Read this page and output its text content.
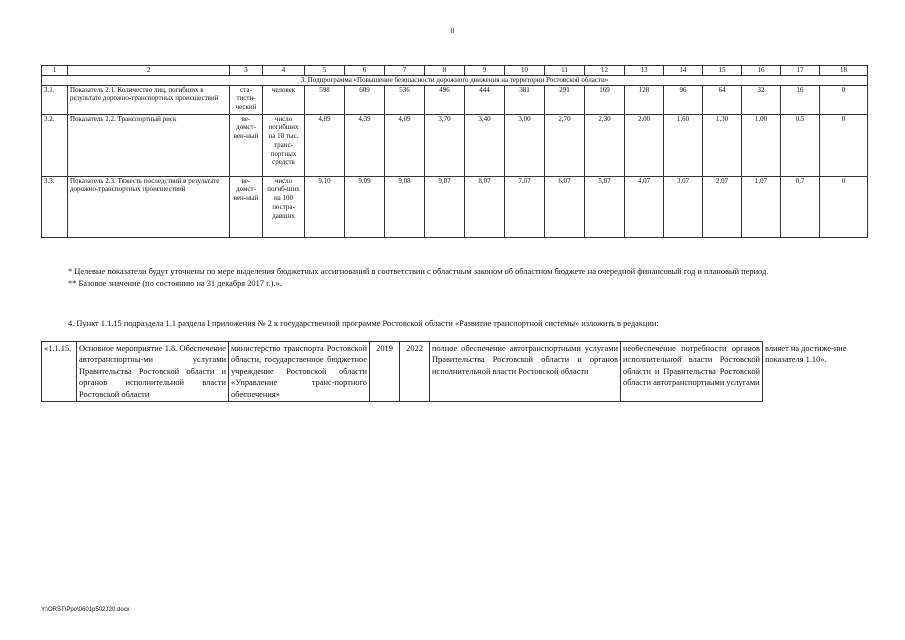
8
1	2	3	4	5	6	7	8	9	10	11	12	13	14	15	16	17	18
3. Подпрограмма «Повышение безопасности дорожного движения на территории Ростовской области»																	
3.1.	Показатель 2.1. Количество лиц, погибших в результате дорожно-транспортных происшествий	ста-тисти-ческий	человек	598	609	536	496	444	381	291	169	128	96	64	32	16	0
3.2.	Показатель 2.2. Транспортный риск	ве-домст-вен-ный	число погибших на 10 тыс. транс-портных средств	4,89	4,39	4,09	3,70	3,40	3,00	2,70	2,30	2,00	1,60	1,30	1,00	0,5	0
3.3.	Показатель 2.3. Тяжесть последствий в результате дорожно-транспортных происшествий	ве-домст-вен-ный	число погиб-ших на 100 постра-давших	9,10	9,09	9,08	9,07	8,07	7,07	6,07	5,07	4,07	3,07	2,07	1,07	0,7	0

* Целевые показатели будут уточнены по мере выделения бюджетных ассигнований в соответствии с областным законом об областном бюджете на очередной финансовый год и плановый период.

** Базовое значение (по состоянию на 31 декабря 2017 г.).».

4. Пункт 1.1.15 подраздела 1.1 раздела I приложения № 2 к государственной программе Ростовской области «Развитие транспортной системы» изложить в редакции:
«1.1.15.	Основное мероприятие 1.8. Обеспечение автотранспортны-ми услугами Правительства Ростовской области и органов исполнительной власти Ростовской области	министерство транспорта Ростовской области, государственное бюджетное учреждение Ростовской области «Управление транс-портного обеспечения»	2019	2022	полное обеспечение автотранспортными услугами Правительства Ростовской области и органов исполнительной власти Ростовской области	необеспечение потребности органов исполнительной власти Ростовской области и Правительства Ростовской области автотранспортными услугами	влияет на достиже-ние показателя 1.10».
Y:\ORST\Ppo\0601p502.f20.docx
